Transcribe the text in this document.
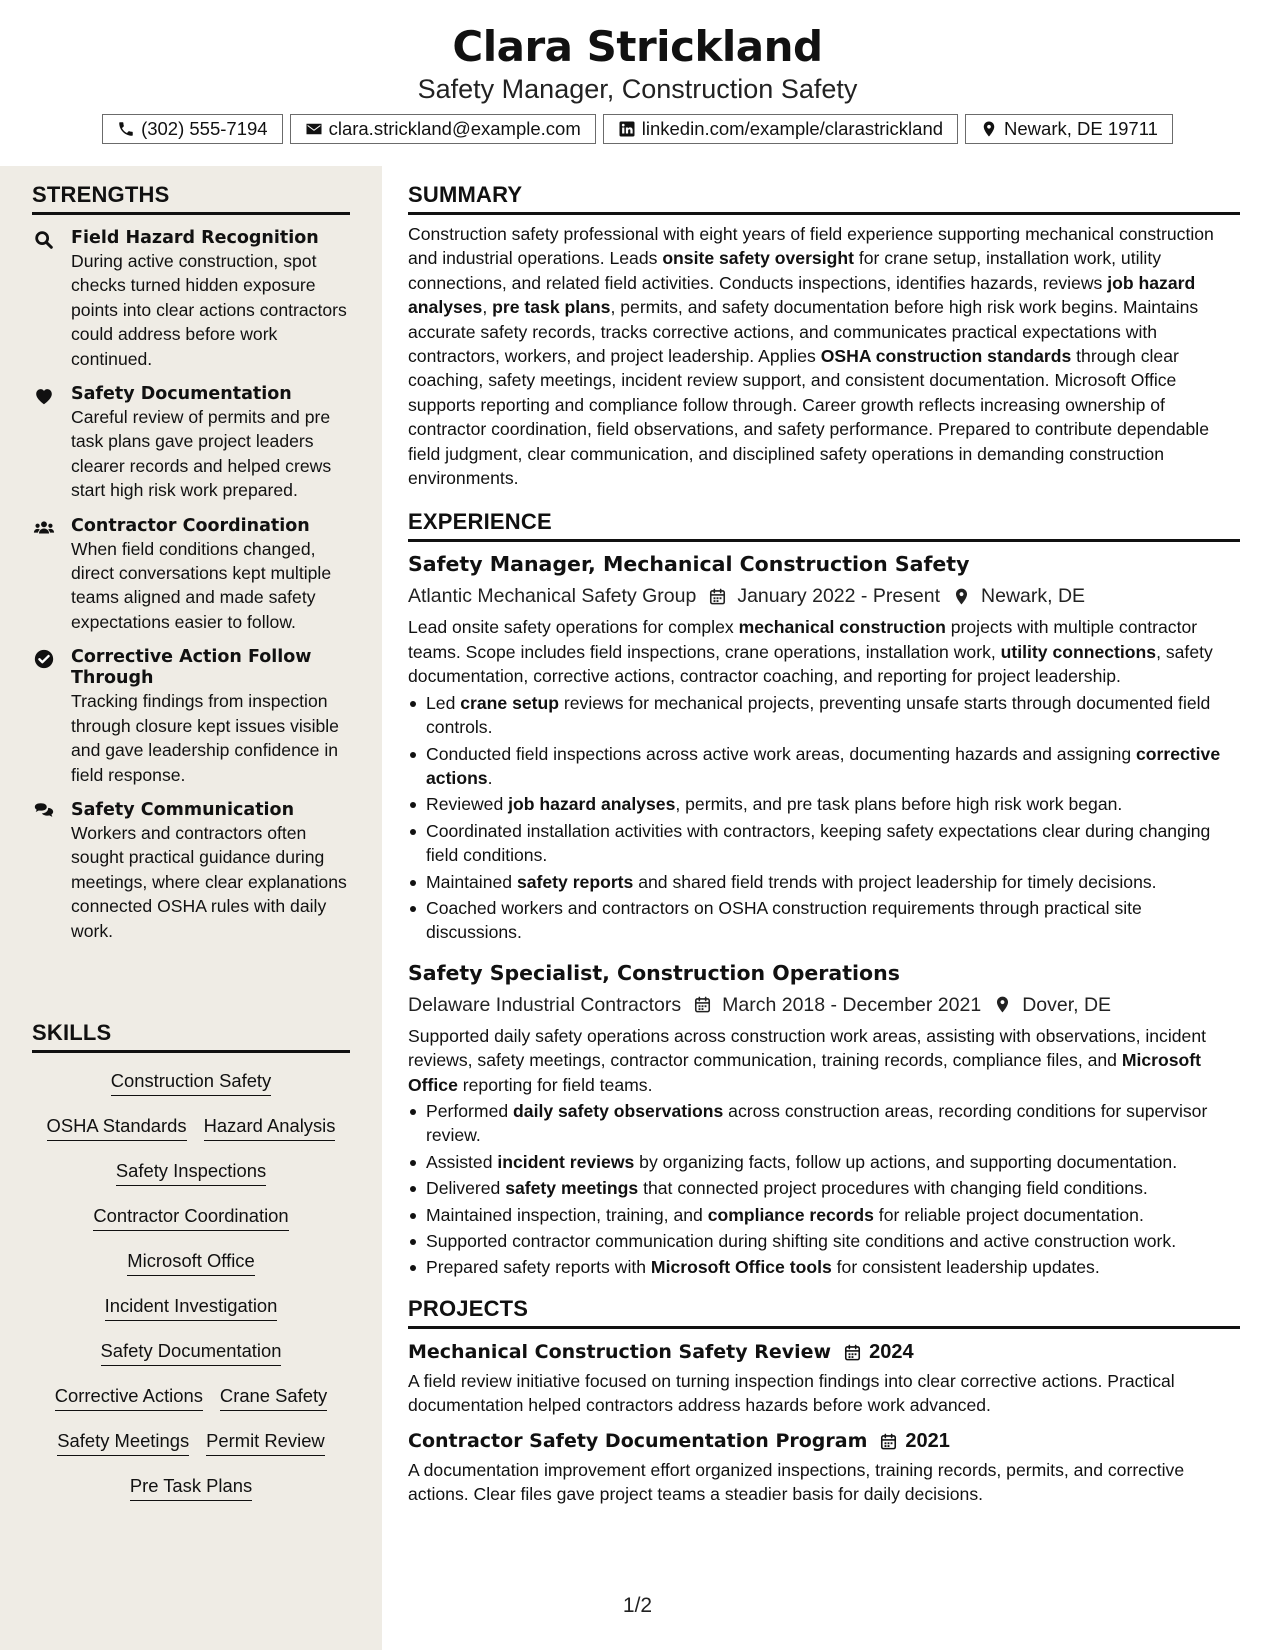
Clara Strickland
Safety Manager, Construction Safety
(302) 555-7194	clara.strickland@example.com	linkedin.com/example/clarastrickland	Newark, DE 19711
STRENGTHS
Field Hazard Recognition
During active construction, spot checks turned hidden exposure points into clear actions contractors could address before work continued.
Safety Documentation
Careful review of permits and pre task plans gave project leaders clearer records and helped crews start high risk work prepared.
Contractor Coordination
When field conditions changed, direct conversations kept multiple teams aligned and made safety expectations easier to follow.
Corrective Action Follow Through
Tracking findings from inspection through closure kept issues visible and gave leadership confidence in field response.
Safety Communication
Workers and contractors often sought practical guidance during meetings, where clear explanations connected OSHA rules with daily work.
SKILLS
Construction Safety
OSHA Standards Hazard Analysis
Safety Inspections
Contractor Coordination
Microsoft Office
Incident Investigation
Safety Documentation
Corrective Actions Crane Safety
Safety Meetings Permit Review
Pre Task Plans
SUMMARY
Construction safety professional with eight years of field experience supporting mechanical construction and industrial operations. Leads onsite safety oversight for crane setup, installation work, utility connections, and related field activities. Conducts inspections, identifies hazards, reviews job hazard analyses, pre task plans, permits, and safety documentation before high risk work begins. Maintains accurate safety records, tracks corrective actions, and communicates practical expectations with contractors, workers, and project leadership. Applies OSHA construction standards through clear coaching, safety meetings, incident review support, and consistent documentation. Microsoft Office supports reporting and compliance follow through. Career growth reflects increasing ownership of contractor coordination, field observations, and safety performance. Prepared to contribute dependable field judgment, clear communication, and disciplined safety operations in demanding construction environments.
EXPERIENCE
Safety Manager, Mechanical Construction Safety
Atlantic Mechanical Safety Group January 2022 - Present Newark, DE
Lead onsite safety operations for complex mechanical construction projects with multiple contractor teams. Scope includes field inspections, crane operations, installation work, utility connections, safety documentation, corrective actions, contractor coaching, and reporting for project leadership.
Led crane setup reviews for mechanical projects, preventing unsafe starts through documented field controls.
Conducted field inspections across active work areas, documenting hazards and assigning corrective actions.
Reviewed job hazard analyses, permits, and pre task plans before high risk work began.
Coordinated installation activities with contractors, keeping safety expectations clear during changing field conditions.
Maintained safety reports and shared field trends with project leadership for timely decisions.
Coached workers and contractors on OSHA construction requirements through practical site discussions.
Safety Specialist, Construction Operations
Delaware Industrial Contractors March 2018 - December 2021 Dover, DE
Supported daily safety operations across construction work areas, assisting with observations, incident reviews, safety meetings, contractor communication, training records, compliance files, and Microsoft Office reporting for field teams.
Performed daily safety observations across construction areas, recording conditions for supervisor review.
Assisted incident reviews by organizing facts, follow up actions, and supporting documentation.
Delivered safety meetings that connected project procedures with changing field conditions.
Maintained inspection, training, and compliance records for reliable project documentation.
Supported contractor communication during shifting site conditions and active construction work.
Prepared safety reports with Microsoft Office tools for consistent leadership updates.
PROJECTS
Mechanical Construction Safety Review 2024
A field review initiative focused on turning inspection findings into clear corrective actions. Practical documentation helped contractors address hazards before work advanced.
Contractor Safety Documentation Program 2021
A documentation improvement effort organized inspections, training records, permits, and corrective actions. Clear files gave project teams a steadier basis for daily decisions.
1/2
